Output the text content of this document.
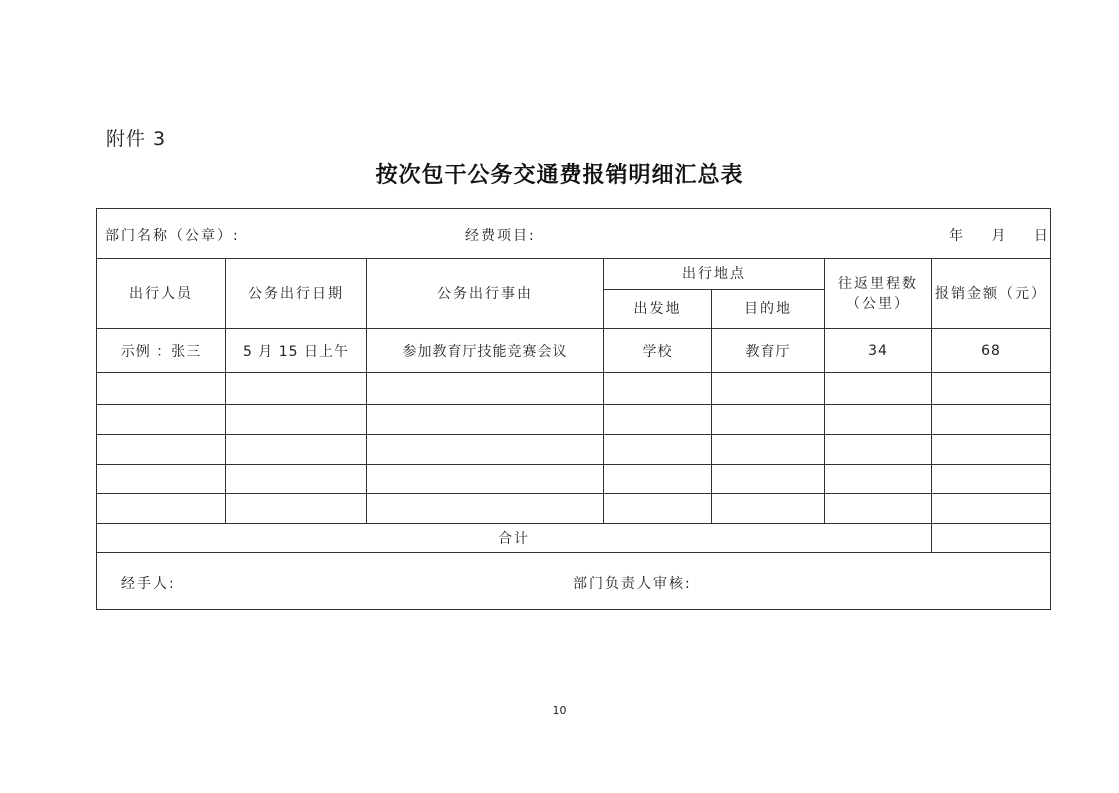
附件 3
按次包干公务交通费报销明细汇总表
部门名称（公章）: 经费项目: 年 月 日						

出行人员	公务出行日期	公务出行事由	出行地点		往返里程数（公里）	报销金额（元）
			出发地	目的地		
示例 ：张三	5 月 15 日上午	参加教育厅技能竞赛会议	学校	教育厅	34	68

合计						

经手人: 部门负责人审核:						
10
